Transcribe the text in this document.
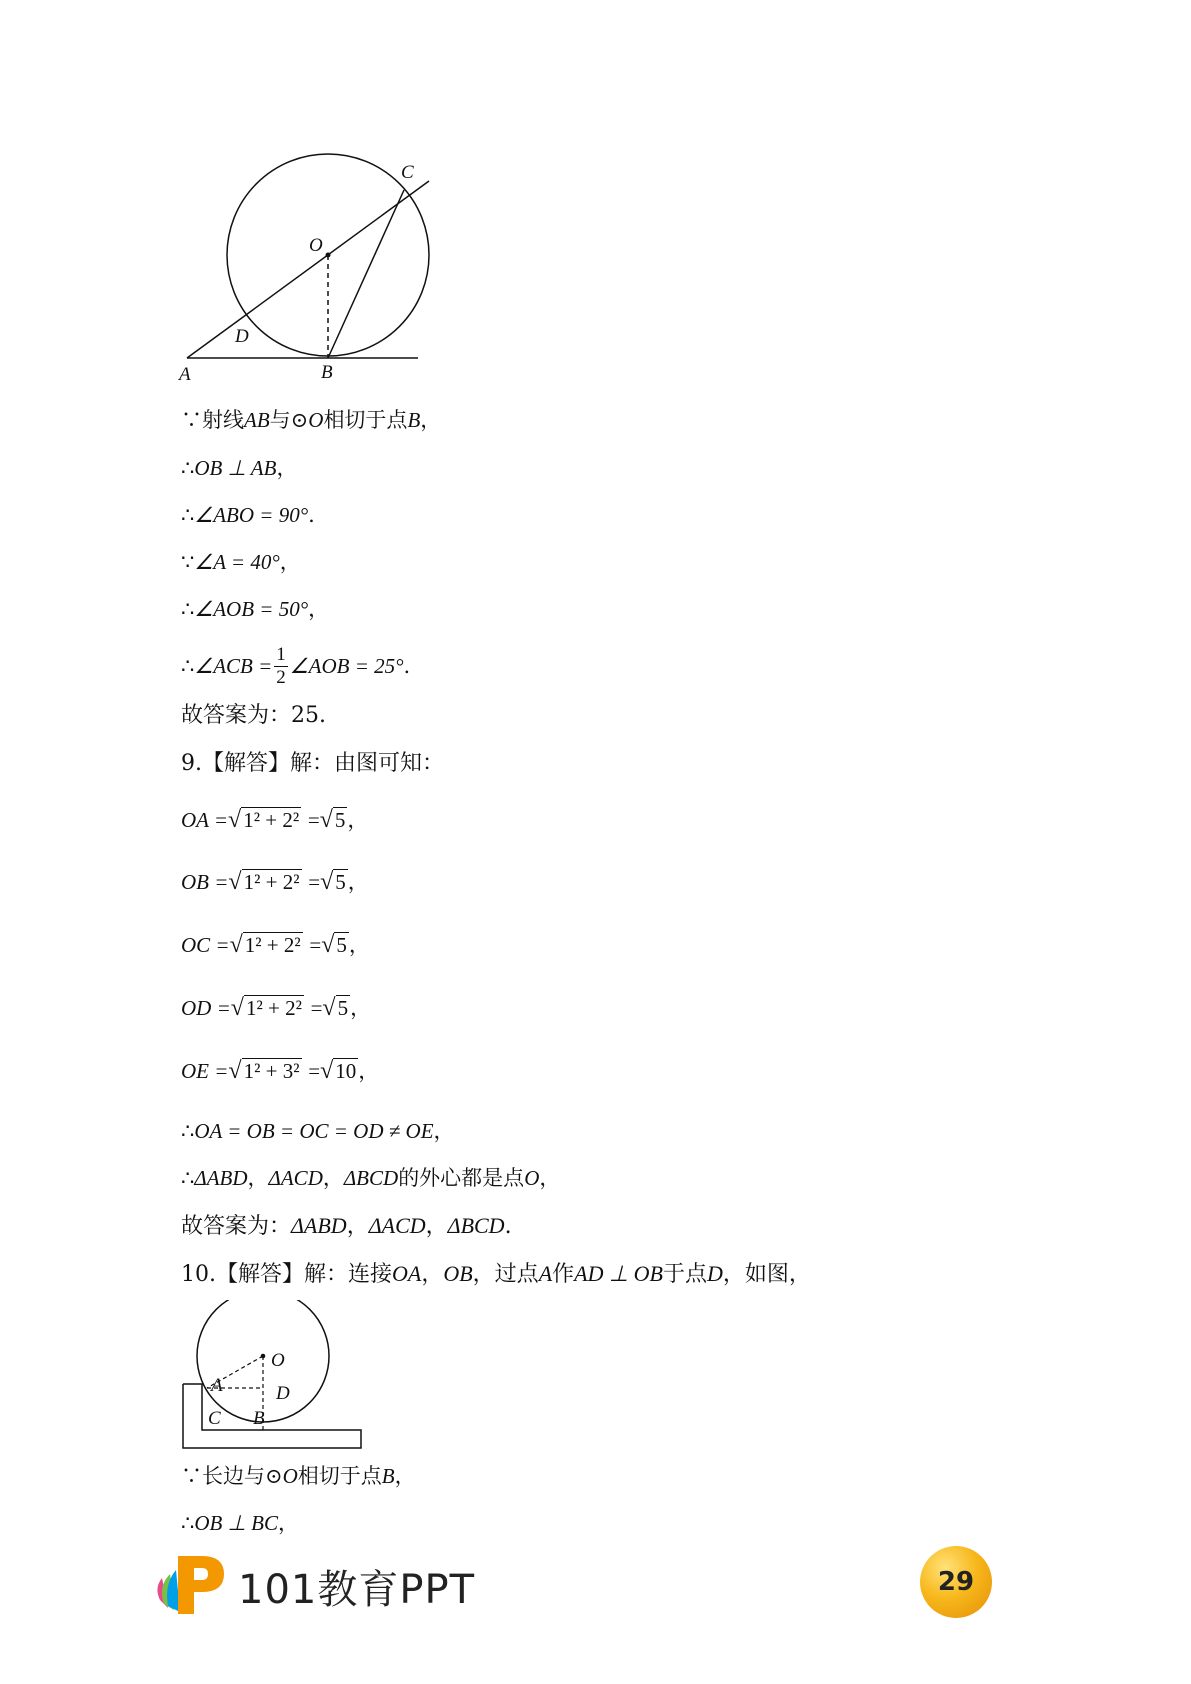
A	B
C
D
O
∵射线AB与⊙O相切于点B，
∴OB ⊥ AB，
∴∠ABO = 90°.
∵∠A = 40°，
∴∠AOB = 50°，
∴ ∠ACB = $\frac{1}{2}$ ∠AOB = 25° .
故答案为：25.
9.【解答】解：由图可知：
OA =√1² + 2² =√5，
OB =√1² + 2² =√5，
OC =√1² + 2² =√5，
OD =√1² + 2² =√5，
OE =√1² + 3² =√10，
∴OA = OB = OC = OD ≠ OE，
∴ΔABD，ΔACD，ΔBCD的外心都是点O，
故答案为：ΔABD，ΔACD，ΔBCD.
10.【解答】解：连接OA，OB，过点A作AD ⊥ OB于点D，如图，
O
A	D
C B
∵长边与⊙O相切于点B，
∴OB ⊥ BC，
101教育PPT	29
